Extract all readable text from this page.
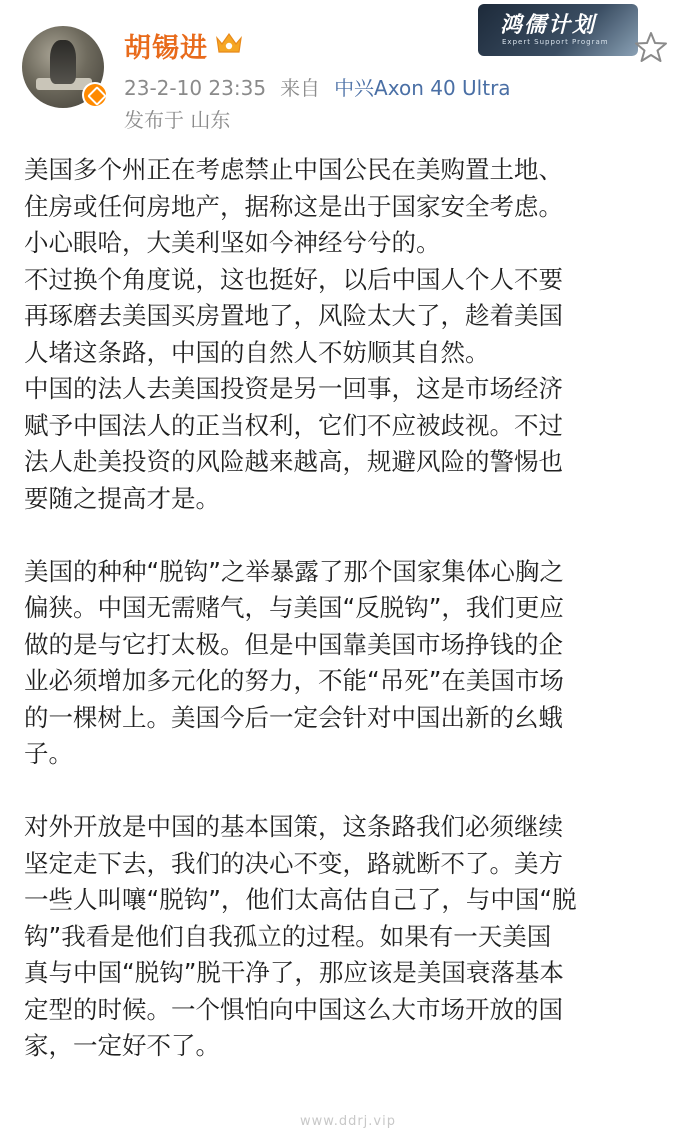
胡锡进
23-2-10 23:35 来自 中兴Axon 40 Ultra
发布于 山东
鸿儒计划
Expert Support Program
美国多个州正在考虑禁止中国公民在美购置土地、
住房或任何房地产，据称这是出于国家安全考虑。
小心眼哈，大美利坚如今神经兮兮的。
不过换个角度说，这也挺好，以后中国人个人不要
再琢磨去美国买房置地了，风险太大了，趁着美国
人堵这条路，中国的自然人不妨顺其自然。
中国的法人去美国投资是另一回事，这是市场经济
赋予中国法人的正当权利，它们不应被歧视。不过
法人赴美投资的风险越来越高，规避风险的警惕也
要随之提高才是。
美国的种种“脱钩”之举暴露了那个国家集体心胸之
偏狭。中国无需赌气，与美国“反脱钩”，我们更应
做的是与它打太极。但是中国靠美国市场挣钱的企
业必须增加多元化的努力，不能“吊死”在美国市场
的一棵树上。美国今后一定会针对中国出新的幺蛾
子。
对外开放是中国的基本国策，这条路我们必须继续
坚定走下去，我们的决心不变，路就断不了。美方
一些人叫嚷“脱钩”，他们太高估自己了，与中国“脱
钩”我看是他们自我孤立的过程。如果有一天美国
真与中国“脱钩”脱干净了，那应该是美国衰落基本
定型的时候。一个惧怕向中国这么大市场开放的国
家，一定好不了。
www.ddrj.vip
